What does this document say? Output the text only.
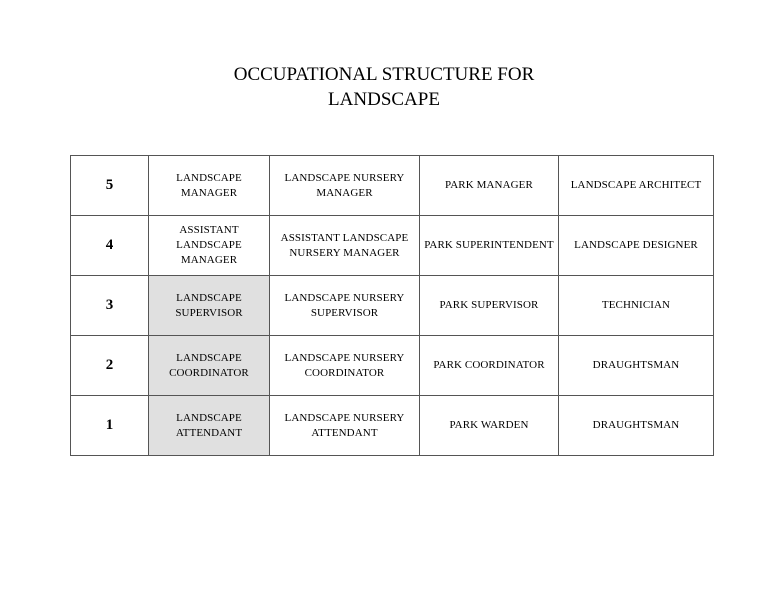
OCCUPATIONAL STRUCTURE FOR
LANDSCAPE
5	LANDSCAPE MANAGER	LANDSCAPE NURSERY MANAGER	PARK MANAGER	LANDSCAPE ARCHITECT
4	ASSISTANT LANDSCAPE MANAGER	ASSISTANT LANDSCAPE NURSERY MANAGER	PARK SUPERINTENDENT	LANDSCAPE DESIGNER
3	LANDSCAPE SUPERVISOR	LANDSCAPE NURSERY SUPERVISOR	PARK SUPERVISOR	TECHNICIAN
2	LANDSCAPE COORDINATOR	LANDSCAPE NURSERY COORDINATOR	PARK COORDINATOR	DRAUGHTSMAN
1	LANDSCAPE ATTENDANT	LANDSCAPE NURSERY ATTENDANT	PARK WARDEN	DRAUGHTSMAN
